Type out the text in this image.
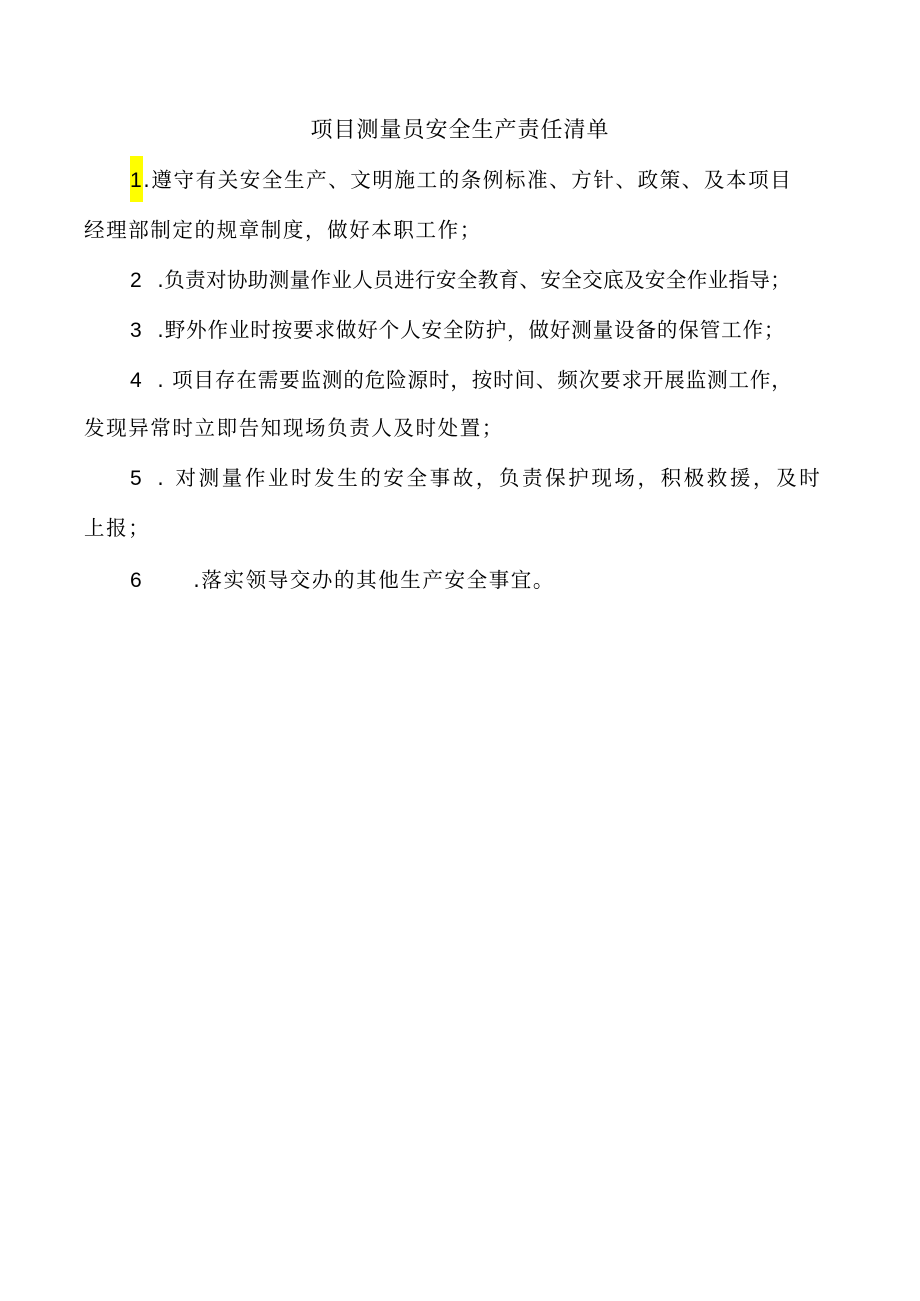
项目测量员安全生产责任清单
1.遵守有关安全生产、文明施工的条例标准、方针、政策、及本项目
经理部制定的规章制度，做好本职工作；
2 .负责对协助测量作业人员进行安全教育、安全交底及安全作业指导；
3 .野外作业时按要求做好个人安全防护，做好测量设备的保管工作；
4 . 项目存在需要监测的危险源时，按时间、频次要求开展监测工作，
发现异常时立即告知现场负责人及时处置；
5 . 对测量作业时发生的安全事故，负责保护现场，积极救援，及时
上报；
6 .落实领导交办的其他生产安全事宜。
